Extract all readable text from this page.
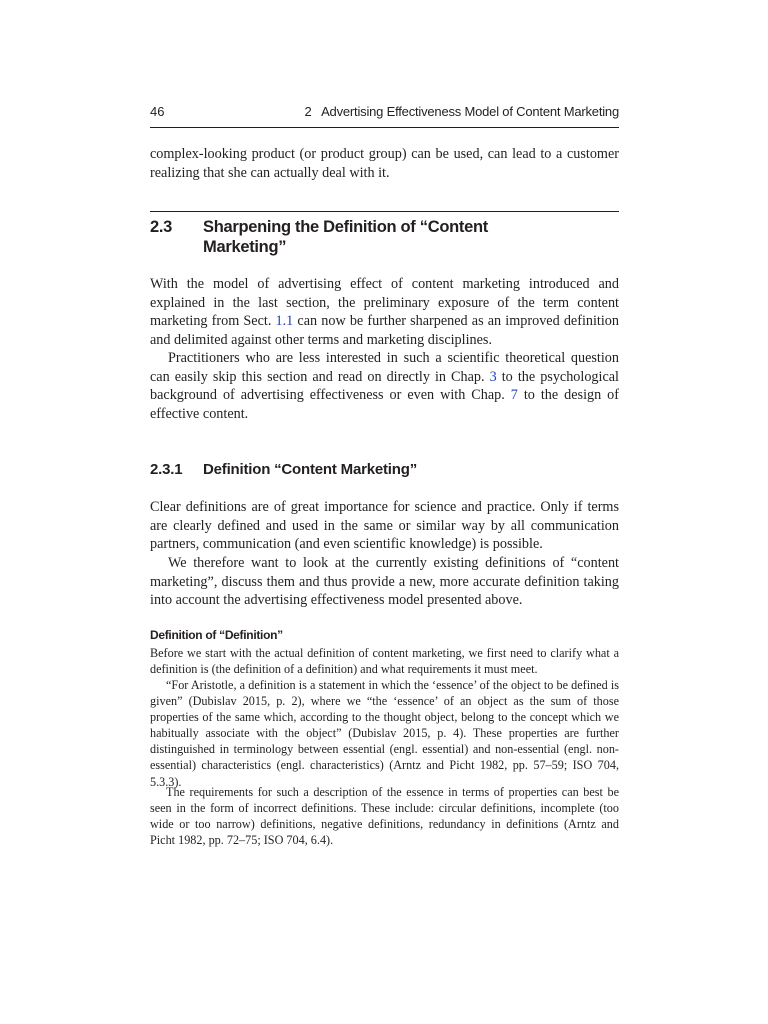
46	2   Advertising Effectiveness Model of Content Marketing

complex-looking product (or product group) can be used, can lead to a customer realizing that she can actually deal with it.

2.3 Sharpening the Definition of “Content Marketing”

With the model of advertising effect of content marketing introduced and explained in the last section, the preliminary exposure of the term content marketing from Sect. 1.1 can now be further sharpened as an improved definition and delimited against other terms and marketing disciplines.

Practitioners who are less interested in such a scientific theoretical question can easily skip this section and read on directly in Chap. 3 to the psychological background of advertising effectiveness or even with Chap. 7 to the design of effective content.

2.3.1 Definition “Content Marketing”

Clear definitions are of great importance for science and practice. Only if terms are clearly defined and used in the same or similar way by all communication partners, communication (and even scientific knowledge) is possible.

We therefore want to look at the currently existing definitions of “content marketing”, discuss them and thus provide a new, more accurate definition taking into account the advertising effectiveness model presented above.

Definition of “Definition”

Before we start with the actual definition of content marketing, we first need to clarify what a definition is (the definition of a definition) and what requirements it must meet.

“For Aristotle, a definition is a statement in which the ‘essence’ of the object to be defined is given” (Dubislav 2015, p. 2), where we “the ‘essence’ of an object as the sum of those properties of the same which, according to the thought object, belong to the concept which we habitually associate with the object” (Dubislav 2015, p. 4). These properties are further distinguished in terminology between essential (engl. essential) and non-essential (engl. non-essential) characteristics (engl. characteristics) (Arntz and Picht 1982, pp. 57–59; ISO 704, 5.3.3).

The requirements for such a description of the essence in terms of properties can best be seen in the form of incorrect definitions. These include: circular definitions, incomplete (too wide or too narrow) definitions, negative definitions, redundancy in definitions (Arntz and Picht 1982, pp. 72–75; ISO 704, 6.4).
